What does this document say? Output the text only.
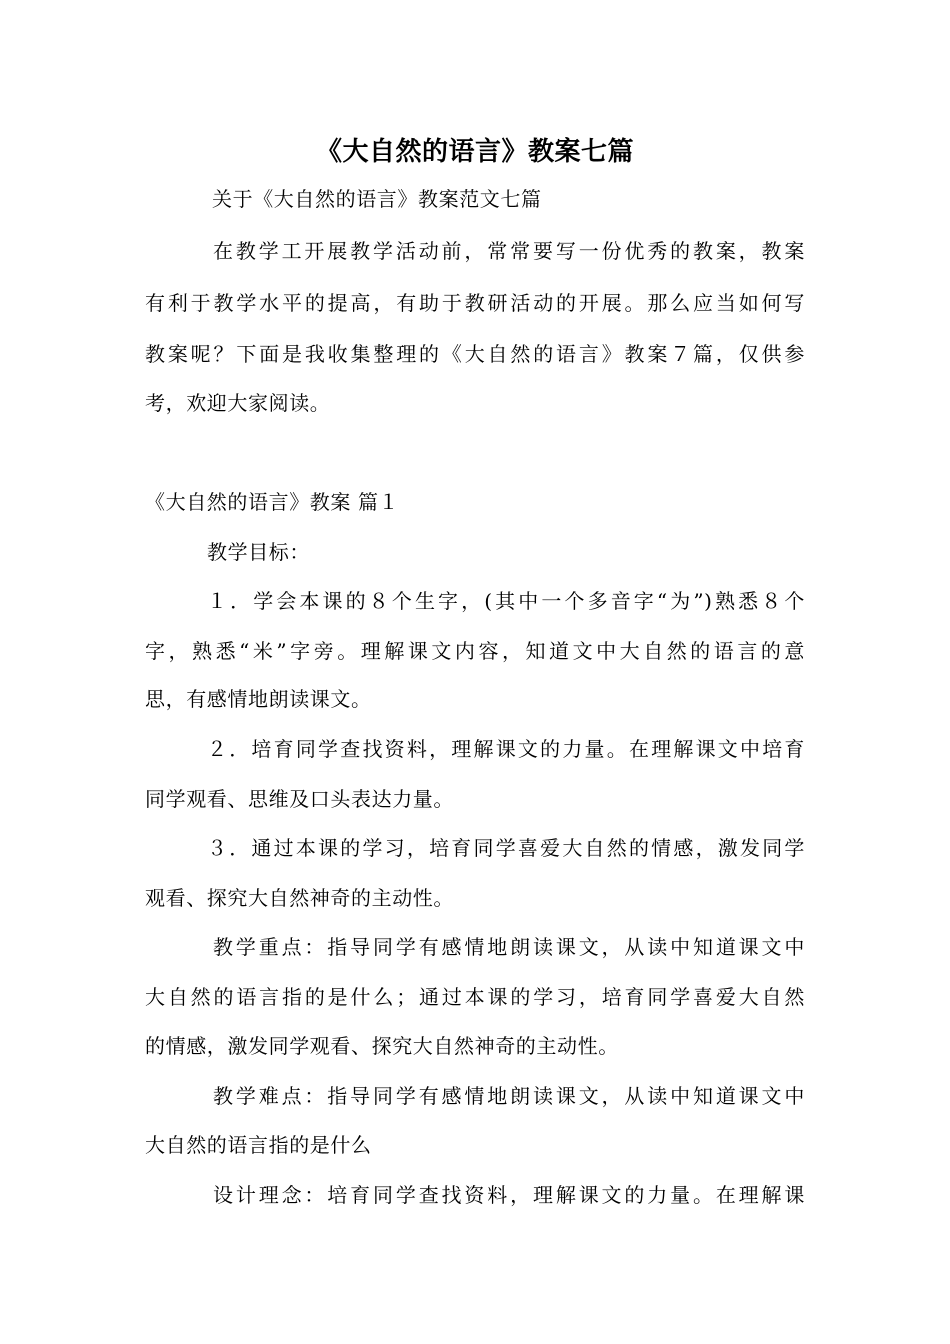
《大自然的语言》教案七篇
关于《大自然的语言》教案范文七篇
在教学工开展教学活动前，常常要写一份优秀的教案，教案
有利于教学水平的提高，有助于教研活动的开展。那么应当如何写
教案呢？下面是我收集整理的《大自然的语言》教案７篇，仅供参
考，欢迎大家阅读。
《大自然的语言》教案 篇１
教学目标：
１．学会本课的８个生字，(其中一个多音字“为”)熟悉８个
字，熟悉“米”字旁。理解课文内容，知道文中大自然的语言的意
思，有感情地朗读课文。
２．培育同学查找资料，理解课文的力量。在理解课文中培育
同学观看、思维及口头表达力量。
３．通过本课的学习，培育同学喜爱大自然的情感，激发同学
观看、探究大自然神奇的主动性。
教学重点：指导同学有感情地朗读课文，从读中知道课文中
大自然的语言指的是什么；通过本课的学习，培育同学喜爱大自然
的情感，激发同学观看、探究大自然神奇的主动性。
教学难点：指导同学有感情地朗读课文，从读中知道课文中
大自然的语言指的是什么
设计理念：培育同学查找资料，理解课文的力量。在理解课
